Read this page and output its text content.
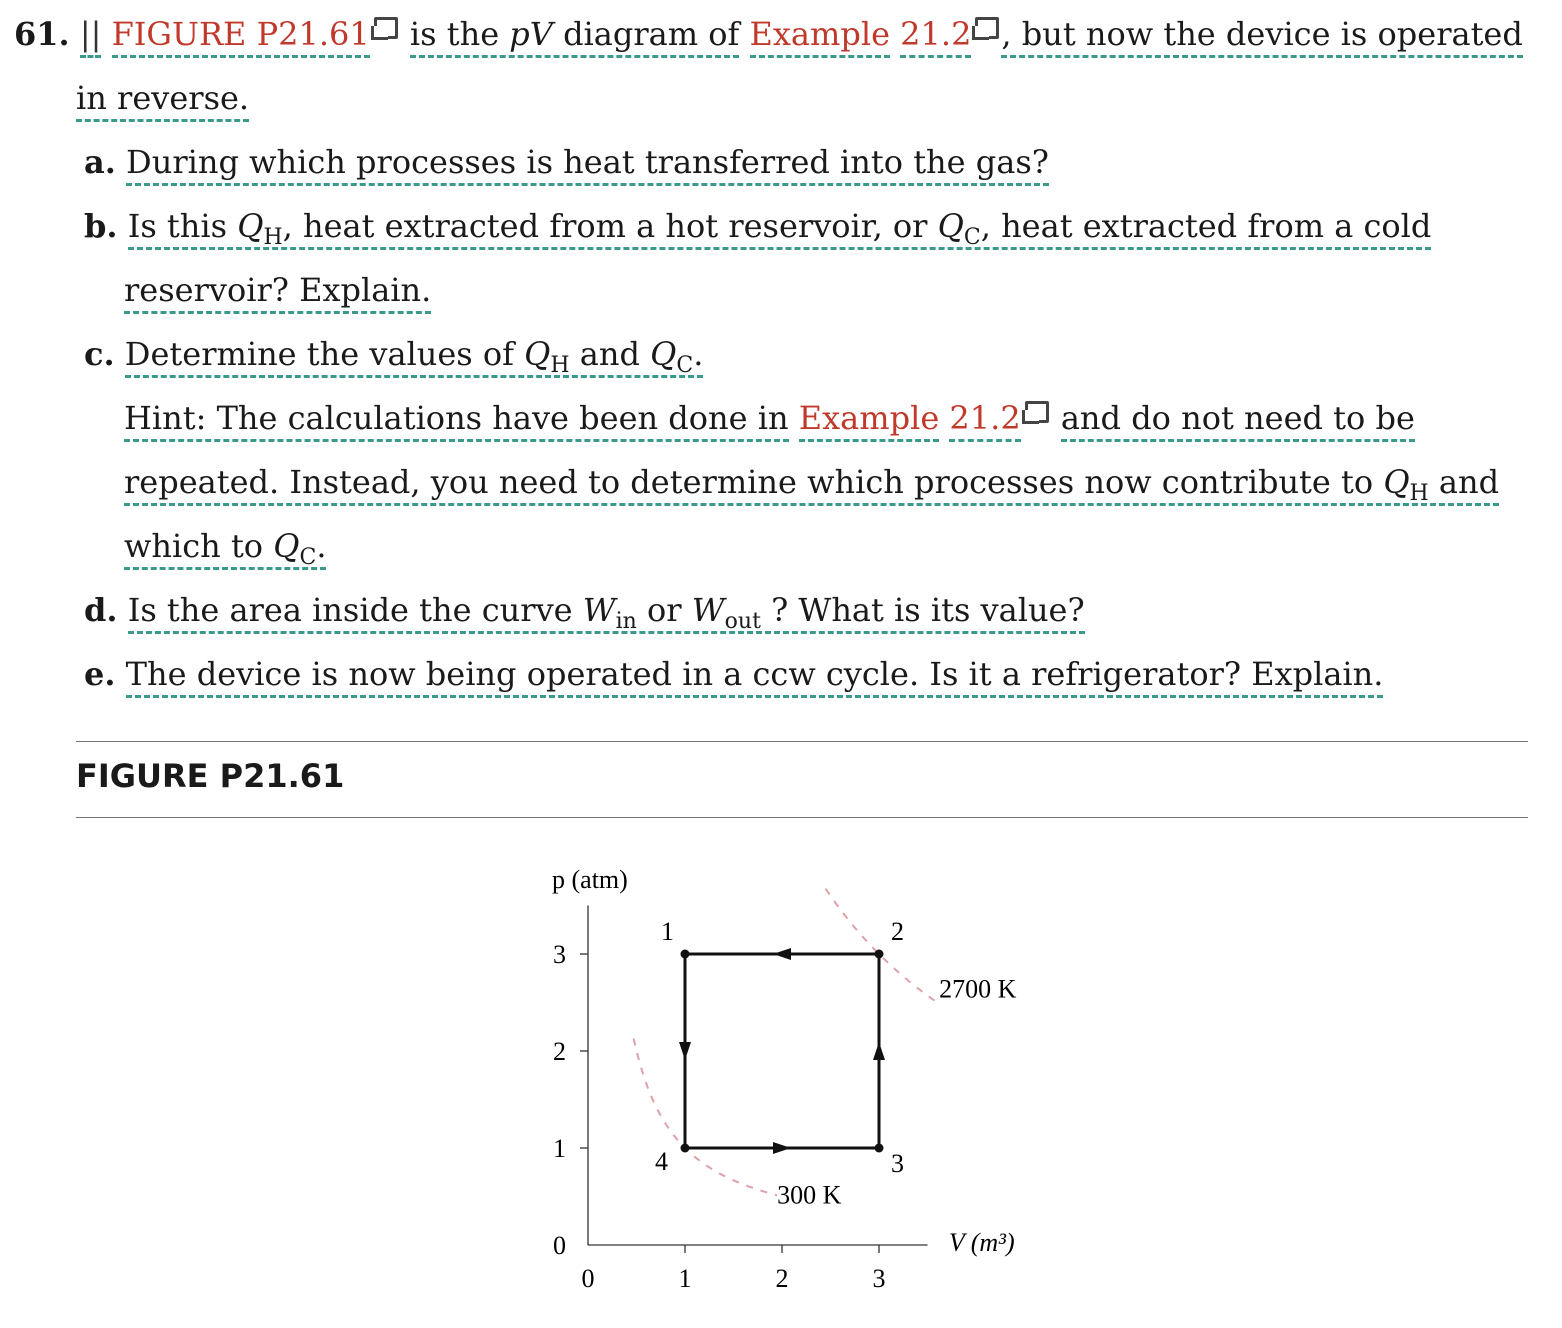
61. || FIGURE P21.61 is the pV diagram of Example 21.2 , but now the device is operated
in reverse.
a. During which processes is heat transferred into the gas?
b. Is this $Q_H$, heat extracted from a hot reservoir, or $Q_C$, heat extracted from a cold
reservoir? Explain.
c. Determine the values of $Q_H$ and $Q_C$.
Hint: The calculations have been done in Example 21.2 and do not need to be
repeated. Instead, you need to determine which processes now contribute to $Q_H$ and
which to $Q_C$.
d. Is the area inside the curve $W_{in}$ or $W_{out}$ ? What is its value?
e. The device is now being operated in a ccw cycle. Is it a refrigerator? Explain.
FIGURE P21.61
V (m³)
p (atm)
0	1	2	3
0
1
2
3
2700 K
300 K
1	2
3
4
